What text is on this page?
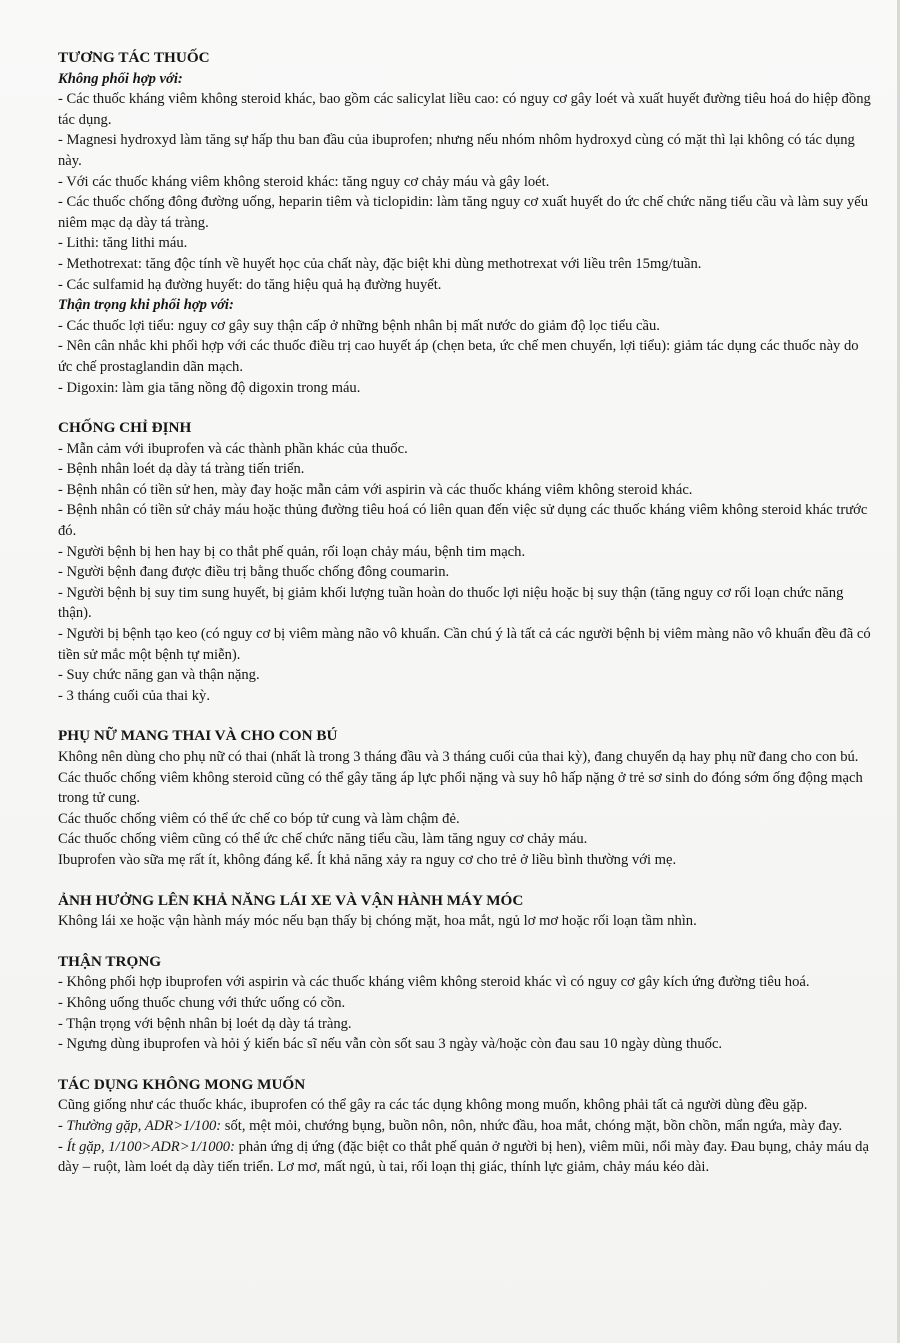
TƯƠNG TÁC THUỐC

Không phối hợp với:

- Các thuốc kháng viêm không steroid khác, bao gồm các salicylat liều cao: có nguy cơ gây loét và xuất huyết đường tiêu hoá do hiệp đồng tác dụng.

- Magnesi hydroxyd làm tăng sự hấp thu ban đầu của ibuprofen; nhưng nếu nhóm nhôm hydroxyd cùng có mặt thì lại không có tác dụng này.

- Với các thuốc kháng viêm không steroid khác: tăng nguy cơ chảy máu và gây loét.

- Các thuốc chống đông đường uống, heparin tiêm và ticlopidin: làm tăng nguy cơ xuất huyết do ức chế chức năng tiểu cầu và làm suy yếu niêm mạc dạ dày tá tràng.

- Lithi: tăng lithi máu.

- Methotrexat: tăng độc tính về huyết học của chất này, đặc biệt khi dùng methotrexat với liều trên 15mg/tuần.

- Các sulfamid hạ đường huyết: do tăng hiệu quả hạ đường huyết.

Thận trọng khi phối hợp với:

- Các thuốc lợi tiểu: nguy cơ gây suy thận cấp ở những bệnh nhân bị mất nước do giảm độ lọc tiểu cầu.

- Nên cân nhắc khi phối hợp với các thuốc điều trị cao huyết áp (chẹn beta, ức chế men chuyển, lợi tiểu): giảm tác dụng các thuốc này do ức chế prostaglandin dãn mạch.

- Digoxin: làm gia tăng nồng độ digoxin trong máu.

CHỐNG CHỈ ĐỊNH

- Mẫn cảm với ibuprofen và các thành phần khác của thuốc.

- Bệnh nhân loét dạ dày tá tràng tiến triển.

- Bệnh nhân có tiền sử hen, mày đay hoặc mẫn cảm với aspirin và các thuốc kháng viêm không steroid khác.

- Bệnh nhân có tiền sử chảy máu hoặc thủng đường tiêu hoá có liên quan đến việc sử dụng các thuốc kháng viêm không steroid khác trước đó.

- Người bệnh bị hen hay bị co thắt phế quản, rối loạn chảy máu, bệnh tim mạch.

- Người bệnh đang được điều trị bằng thuốc chống đông coumarin.

- Người bệnh bị suy tim sung huyết, bị giảm khối lượng tuần hoàn do thuốc lợi niệu hoặc bị suy thận (tăng nguy cơ rối loạn chức năng thận).

- Người bị bệnh tạo keo (có nguy cơ bị viêm màng não vô khuẩn. Cần chú ý là tất cả các người bệnh bị viêm màng não vô khuẩn đều đã có tiền sử mắc một bệnh tự miễn).

- Suy chức năng gan và thận nặng.

- 3 tháng cuối của thai kỳ.

PHỤ NỮ MANG THAI VÀ CHO CON BÚ

Không nên dùng cho phụ nữ có thai (nhất là trong 3 tháng đầu và 3 tháng cuối của thai kỳ), đang chuyển dạ hay phụ nữ đang cho con bú. Các thuốc chống viêm không steroid cũng có thể gây tăng áp lực phổi nặng và suy hô hấp nặng ở trẻ sơ sinh do đóng sớm ống động mạch trong tử cung.

Các thuốc chống viêm có thể ức chế co bóp tử cung và làm chậm đẻ.

Các thuốc chống viêm cũng có thể ức chế chức năng tiểu cầu, làm tăng nguy cơ chảy máu.

Ibuprofen vào sữa mẹ rất ít, không đáng kể. Ít khả năng xảy ra nguy cơ cho trẻ ở liều bình thường với mẹ.

ẢNH HƯỞNG LÊN KHẢ NĂNG LÁI XE VÀ VẬN HÀNH MÁY MÓC

Không lái xe hoặc vận hành máy móc nếu bạn thấy bị chóng mặt, hoa mắt, ngủ lơ mơ hoặc rối loạn tầm nhìn.

THẬN TRỌNG

- Không phối hợp ibuprofen với aspirin và các thuốc kháng viêm không steroid khác vì có nguy cơ gây kích ứng đường tiêu hoá.

- Không uống thuốc chung với thức uống có cồn.

- Thận trọng với bệnh nhân bị loét dạ dày tá tràng.

- Ngưng dùng ibuprofen và hỏi ý kiến bác sĩ nếu vẫn còn sốt sau 3 ngày và/hoặc còn đau sau 10 ngày dùng thuốc.

TÁC DỤNG KHÔNG MONG MUỐN

Cũng giống như các thuốc khác, ibuprofen có thể gây ra các tác dụng không mong muốn, không phải tất cả người dùng đều gặp.

- Thường gặp, ADR>1/100: sốt, mệt mỏi, chướng bụng, buồn nôn, nôn, nhức đầu, hoa mắt, chóng mặt, bồn chồn, mẩn ngứa, mày đay.

- Ít gặp, 1/100>ADR>1/1000: phản ứng dị ứng (đặc biệt co thắt phế quản ở người bị hen), viêm mũi, nổi mày đay. Đau bụng, chảy máu dạ dày – ruột, làm loét dạ dày tiến triển. Lơ mơ, mất ngủ, ù tai, rối loạn thị giác, thính lực giảm, chảy máu kéo dài.
